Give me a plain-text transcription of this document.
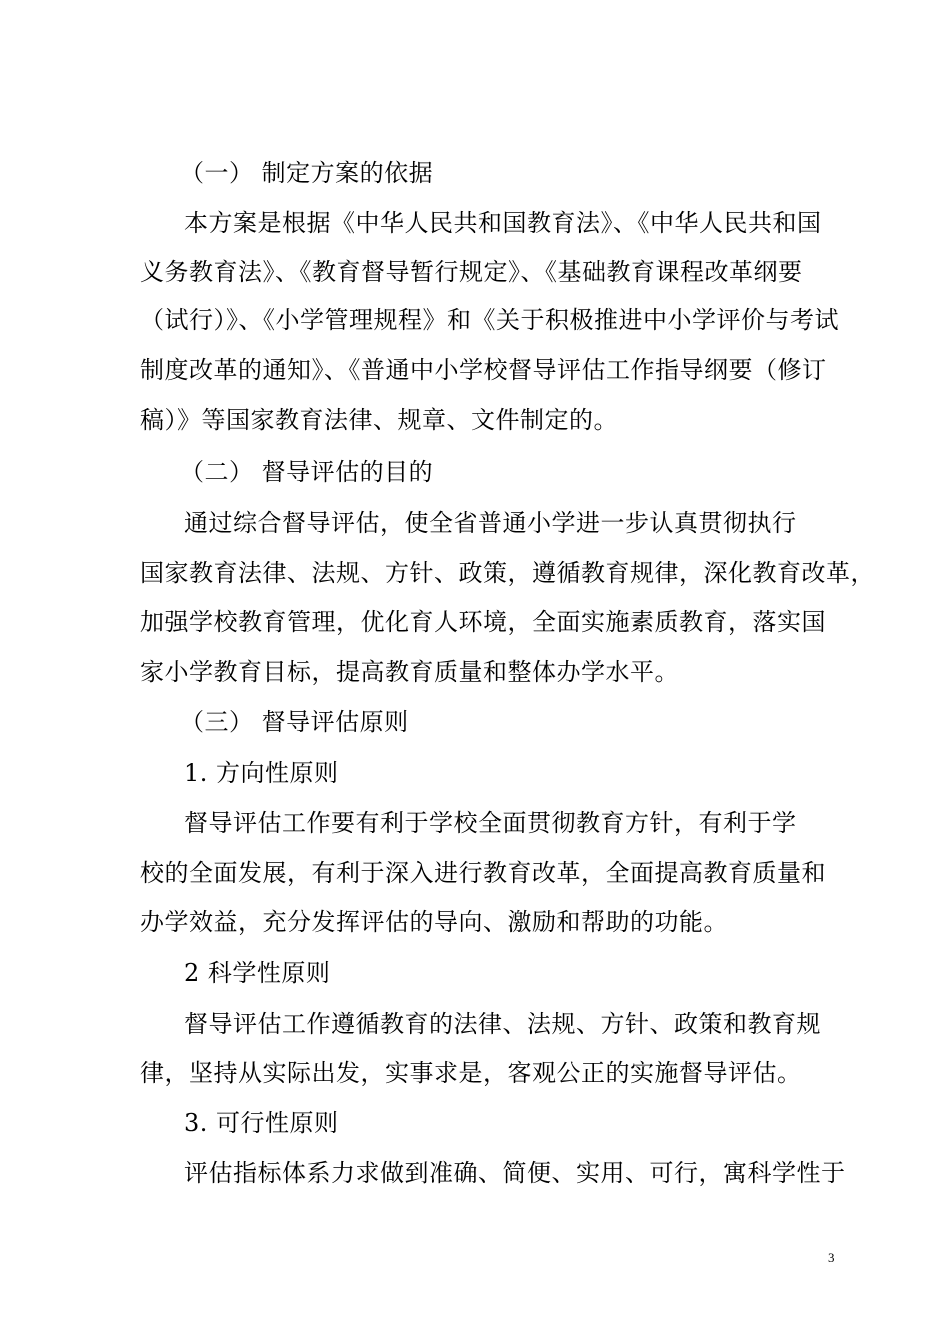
（一） 制定方案的依据
本方案是根据《中华人民共和国教育法》、《中华人民共和国
义务教育法》、《教育督导暂行规定》、《基础教育课程改革纲要
（试行）》、《小学管理规程》和《关于积极推进中小学评价与考试
制度改革的通知》、《普通中小学校督导评估工作指导纲要（修订
稿）》等国家教育法律、规章、文件制定的。
（二） 督导评估的目的
通过综合督导评估，使全省普通小学进一步认真贯彻执行
国家教育法律、法规、方针、政策，遵循教育规律，深化教育改革，
加强学校教育管理，优化育人环境，全面实施素质教育，落实国
家小学教育目标，提高教育质量和整体办学水平。
（三） 督导评估原则
1. 方向性原则
督导评估工作要有利于学校全面贯彻教育方针，有利于学
校的全面发展，有利于深入进行教育改革，全面提高教育质量和
办学效益，充分发挥评估的导向、激励和帮助的功能。
2 科学性原则
督导评估工作遵循教育的法律、法规、方针、政策和教育规
律，坚持从实际出发，实事求是，客观公正的实施督导评估。
3. 可行性原则
评估指标体系力求做到准确、简便、实用、可行，寓科学性于
3
